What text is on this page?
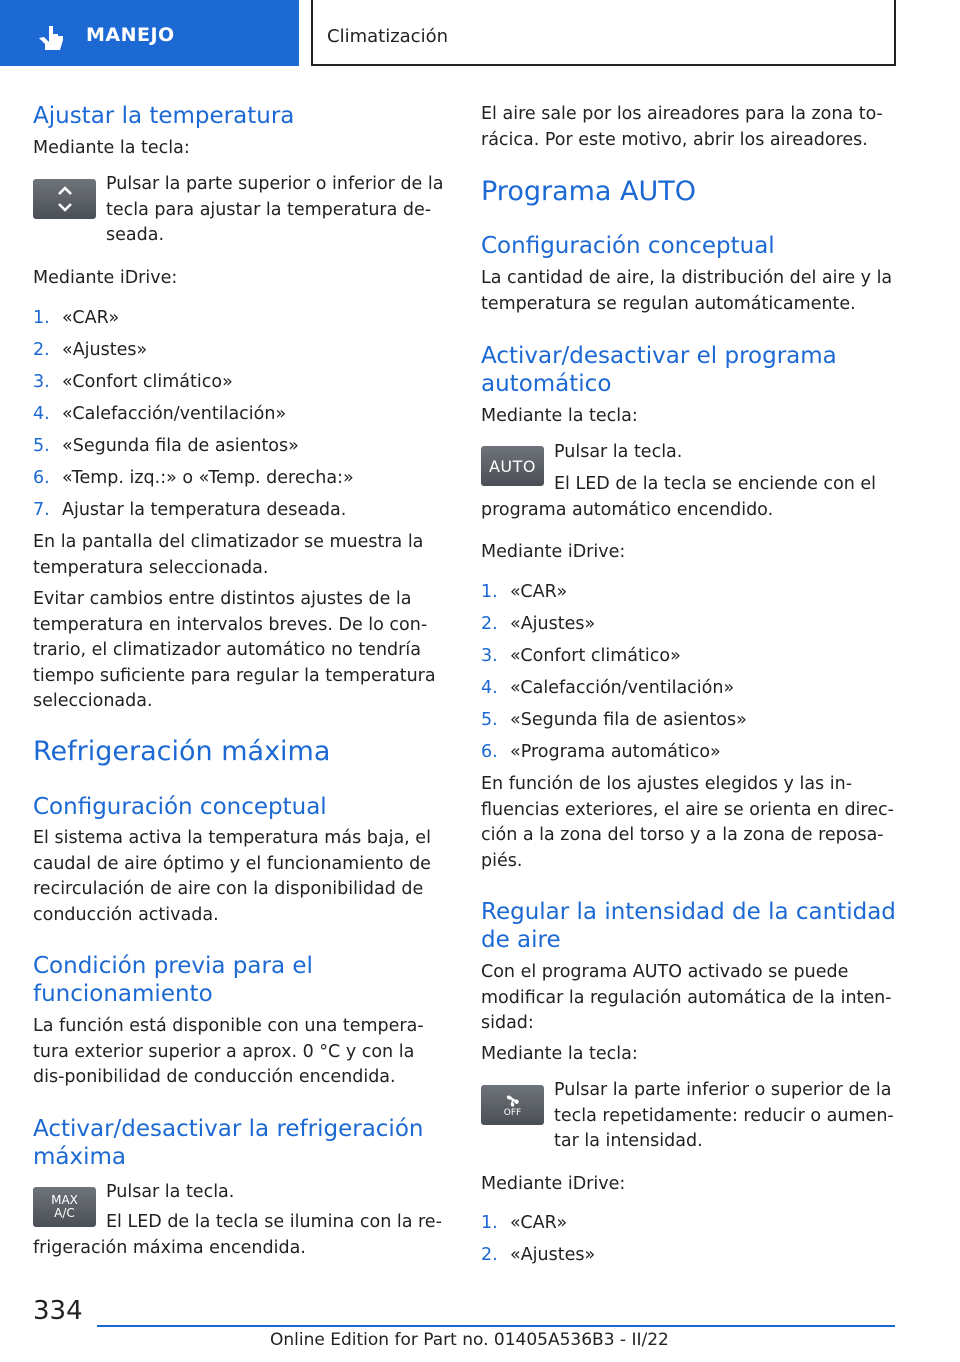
MANEJO	Climatización
Ajustar la temperatura
Mediante la tecla:
Pulsar la parte superior o inferior de la tecla para ajustar la temperatura de‐seada.
Mediante iDrive:
1. «CAR»
2. «Ajustes»
3. «Confort climático»
4. «Calefacción/ventilación»
5. «Segunda fila de asientos»
6. «Temp. izq.:» o «Temp. derecha:»
7. Ajustar la temperatura deseada.
En la pantalla del climatizador se muestra la temperatura seleccionada.
Evitar cambios entre distintos ajustes de la temperatura en intervalos breves. De lo con‐trario, el climatizador automático no tendría tiempo suficiente para regular la temperatura seleccionada.
Refrigeración máxima
Configuración conceptual
El sistema activa la temperatura más baja, el caudal de aire óptimo y el funcionamiento de recirculación de aire con la disponibilidad de conducción activada.
Condición previa para el funcionamiento
La función está disponible con una tempera‐tura exterior superior a aprox. 0 °C y con la dis‐ponibilidad de conducción encendida.
Activar/desactivar la refrigeración máxima
MAX
A/C
Pulsar la tecla.
El LED de la tecla se ilumina con la re‐frigeración máxima encendida.
El aire sale por los aireadores para la zona to‐rácica. Por este motivo, abrir los aireadores.
Programa AUTO
Configuración conceptual
La cantidad de aire, la distribución del aire y la temperatura se regulan automáticamente.
Activar/desactivar el programa automático
Mediante la tecla:
AUTO
Pulsar la tecla.
El LED de la tecla se enciende con el programa automático encendido.
Mediante iDrive:
1. «CAR»
2. «Ajustes»
3. «Confort climático»
4. «Calefacción/ventilación»
5. «Segunda fila de asientos»
6. «Programa automático»
En función de los ajustes elegidos y las in‐fluencias exteriores, el aire se orienta en direc‐ción a la zona del torso y a la zona de reposa‐piés.
Regular la intensidad de la cantidad de aire
Con el programa AUTO activado se puede modificar la regulación automática de la inten‐sidad:
Mediante la tecla:
OFF
Pulsar la parte inferior o superior de la tecla repetidamente: reducir o aumen‐tar la intensidad.
Mediante iDrive:
1. «CAR»
2. «Ajustes»
334
Online Edition for Part no. 01405A536B3 - II/22
